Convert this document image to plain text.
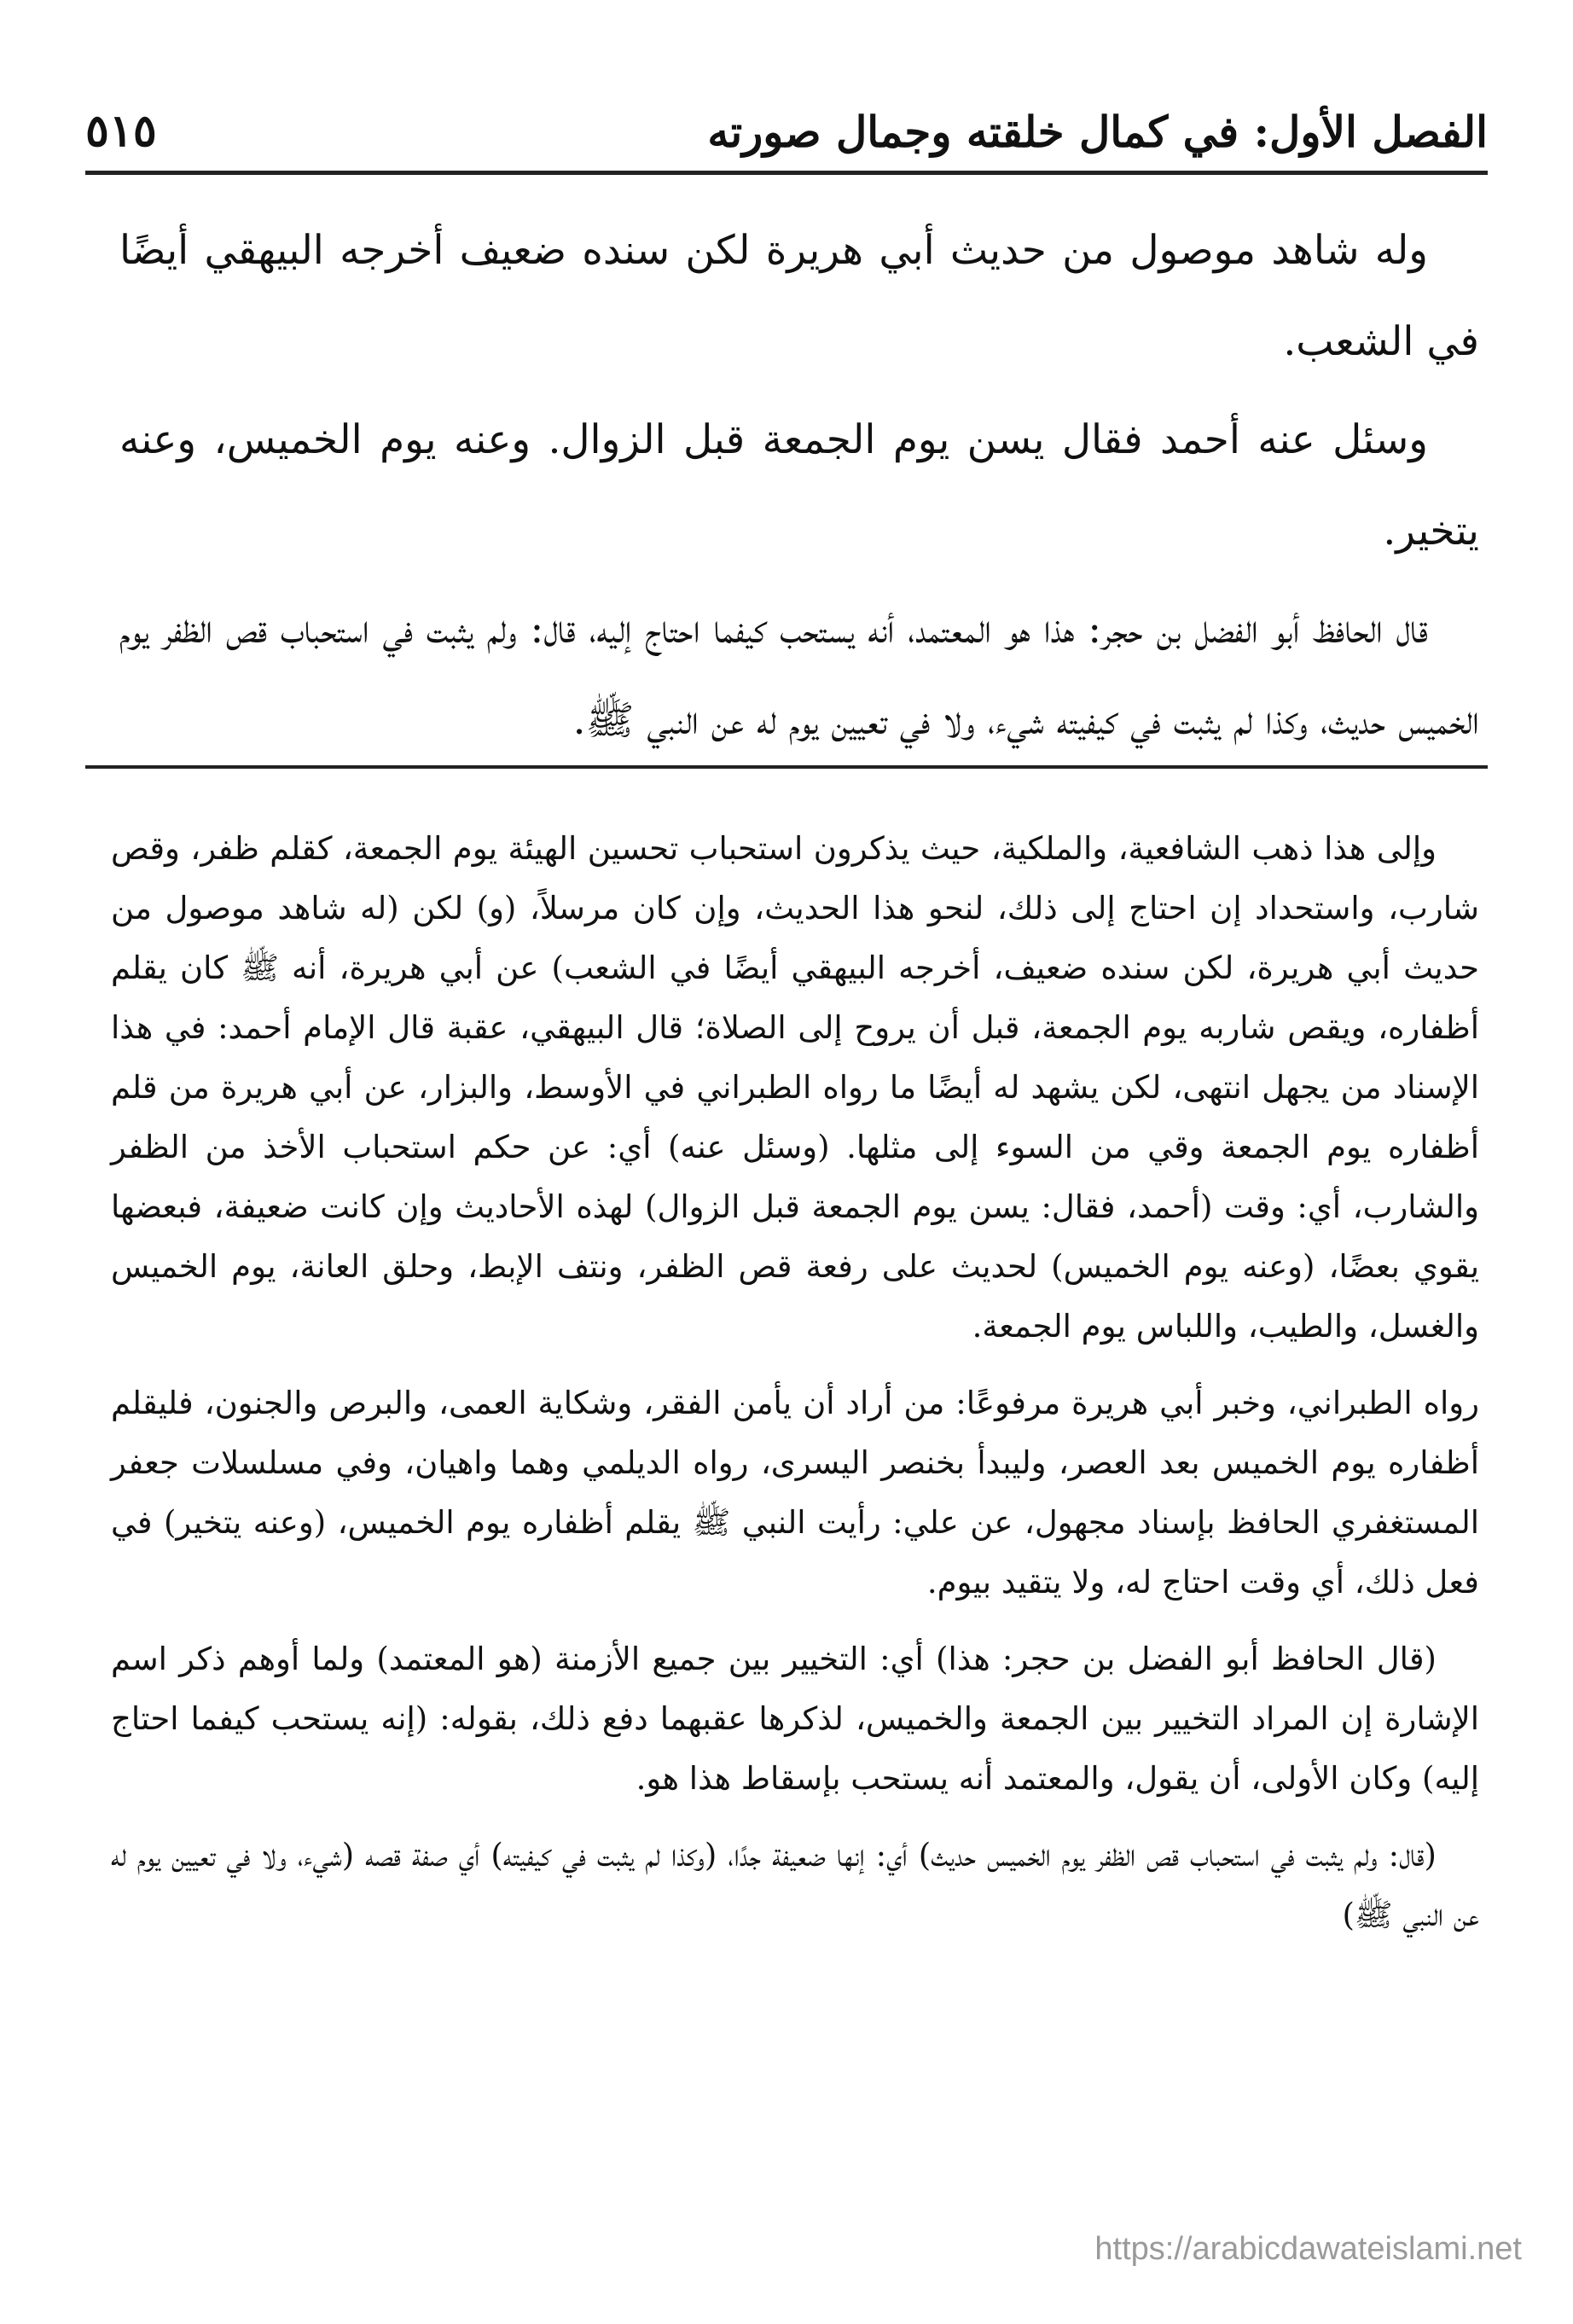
٥١٥	الفصل الأول: في كمال خلقته وجمال صورته

وله شاهد موصول من حديث أبي هريرة لكن سنده ضعيف أخرجه البيهقي أيضًا في الشعب.

وسئل عنه أحمد فقال يسن يوم الجمعة قبل الزوال. وعنه يوم الخميس، وعنه يتخير.

قال الحافظ أبو الفضل بن حجر: هذا هو المعتمد، أنه يستحب كيفما احتاج إليه، قال: ولم يثبت في استحباب قص الظفر يوم الخميس حديث، وكذا لم يثبت في كيفيته شيء، ولا في تعيين يوم له عن النبي ﷺ.

وإلى هذا ذهب الشافعية، والملكية، حيث يذكرون استحباب تحسين الهيئة يوم الجمعة، كقلم ظفر، وقص شارب، واستحداد إن احتاج إلى ذلك، لنحو هذا الحديث، وإن كان مرسلاً، (و) لكن (له شاهد موصول من حديث أبي هريرة، لكن سنده ضعيف، أخرجه البيهقي أيضًا في الشعب) عن أبي هريرة، أنه ﷺ كان يقلم أظفاره، ويقص شاربه يوم الجمعة، قبل أن يروح إلى الصلاة؛ قال البيهقي، عقبة قال الإمام أحمد: في هذا الإسناد من يجهل انتهى، لكن يشهد له أيضًا ما رواه الطبراني في الأوسط، والبزار، عن أبي هريرة من قلم أظفاره يوم الجمعة وقي من السوء إلى مثلها. (وسئل عنه) أي: عن حكم استحباب الأخذ من الظفر والشارب، أي: وقت (أحمد، فقال: يسن يوم الجمعة قبل الزوال) لهذه الأحاديث وإن كانت ضعيفة، فبعضها يقوي بعضًا، (وعنه يوم الخميس) لحديث على رفعة قص الظفر، ونتف الإبط، وحلق العانة، يوم الخميس والغسل، والطيب، واللباس يوم الجمعة.

رواه الطبراني، وخبر أبي هريرة مرفوعًا: من أراد أن يأمن الفقر، وشكاية العمى، والبرص والجنون، فليقلم أظفاره يوم الخميس بعد العصر، وليبدأ بخنصر اليسرى، رواه الديلمي وهما واهيان، وفي مسلسلات جعفر المستغفري الحافظ بإسناد مجهول، عن علي: رأيت النبي ﷺ يقلم أظفاره يوم الخميس، (وعنه يتخير) في فعل ذلك، أي وقت احتاج له، ولا يتقيد بيوم.

(قال الحافظ أبو الفضل بن حجر: هذا) أي: التخيير بين جميع الأزمنة (هو المعتمد) ولما أوهم ذكر اسم الإشارة إن المراد التخيير بين الجمعة والخميس، لذكرها عقبهما دفع ذلك، بقوله: (إنه يستحب كيفما احتاج إليه) وكان الأولى، أن يقول، والمعتمد أنه يستحب بإسقاط هذا هو.

(قال: ولم يثبت في استحباب قص الظفر يوم الخميس حديث) أي: إنها ضعيفة جدًا، (وكذا لم يثبت في كيفيته) أي صفة قصه (شيء، ولا في تعيين يوم له عن النبي ﷺ)

https://arabicdawateislami.net
